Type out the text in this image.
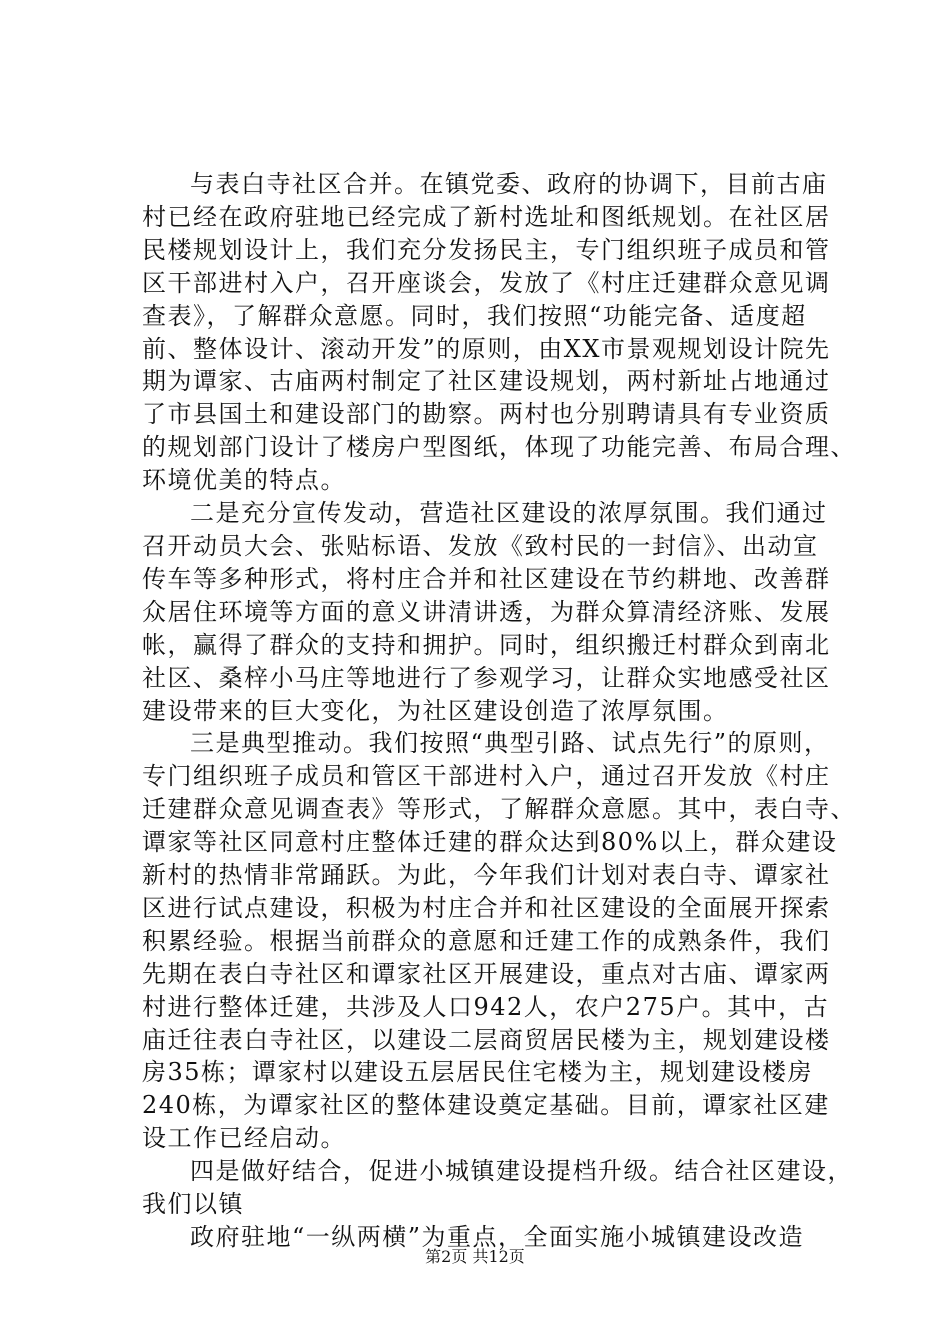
与表白寺社区合并。在镇党委、政府的协调下，目前古庙
村已经在政府驻地已经完成了新村选址和图纸规划。在社区居
民楼规划设计上，我们充分发扬民主，专门组织班子成员和管
区干部进村入户，召开座谈会，发放了《村庄迁建群众意见调
查表》，了解群众意愿。同时，我们按照“功能完备、适度超
前、整体设计、滚动开发”的原则，由XX市景观规划设计院先
期为谭家、古庙两村制定了社区建设规划，两村新址占地通过
了市县国土和建设部门的勘察。两村也分别聘请具有专业资质
的规划部门设计了楼房户型图纸，体现了功能完善、布局合理、
环境优美的特点。

二是充分宣传发动，营造社区建设的浓厚氛围。我们通过
召开动员大会、张贴标语、发放《致村民的一封信》、出动宣
传车等多种形式，将村庄合并和社区建设在节约耕地、改善群
众居住环境等方面的意义讲清讲透，为群众算清经济账、发展
帐，赢得了群众的支持和拥护。同时，组织搬迁村群众到南北
社区、桑梓小马庄等地进行了参观学习，让群众实地感受社区
建设带来的巨大变化，为社区建设创造了浓厚氛围。

三是典型推动。我们按照“典型引路、试点先行”的原则，
专门组织班子成员和管区干部进村入户，通过召开发放《村庄
迁建群众意见调查表》等形式，了解群众意愿。其中，表白寺、
谭家等社区同意村庄整体迁建的群众达到80%以上，群众建设
新村的热情非常踊跃。为此，今年我们计划对表白寺、谭家社
区进行试点建设，积极为村庄合并和社区建设的全面展开探索
积累经验。根据当前群众的意愿和迁建工作的成熟条件，我们
先期在表白寺社区和谭家社区开展建设，重点对古庙、谭家两
村进行整体迁建，共涉及人口942人，农户275户。其中，古
庙迁往表白寺社区，以建设二层商贸居民楼为主，规划建设楼
房35栋；谭家村以建设五层居民住宅楼为主，规划建设楼房
240栋，为谭家社区的整体建设奠定基础。目前，谭家社区建
设工作已经启动。

四是做好结合，促进小城镇建设提档升级。结合社区建设，
我们以镇

政府驻地“一纵两横”为重点，全面实施小城镇建设改造

第2页 共12页
